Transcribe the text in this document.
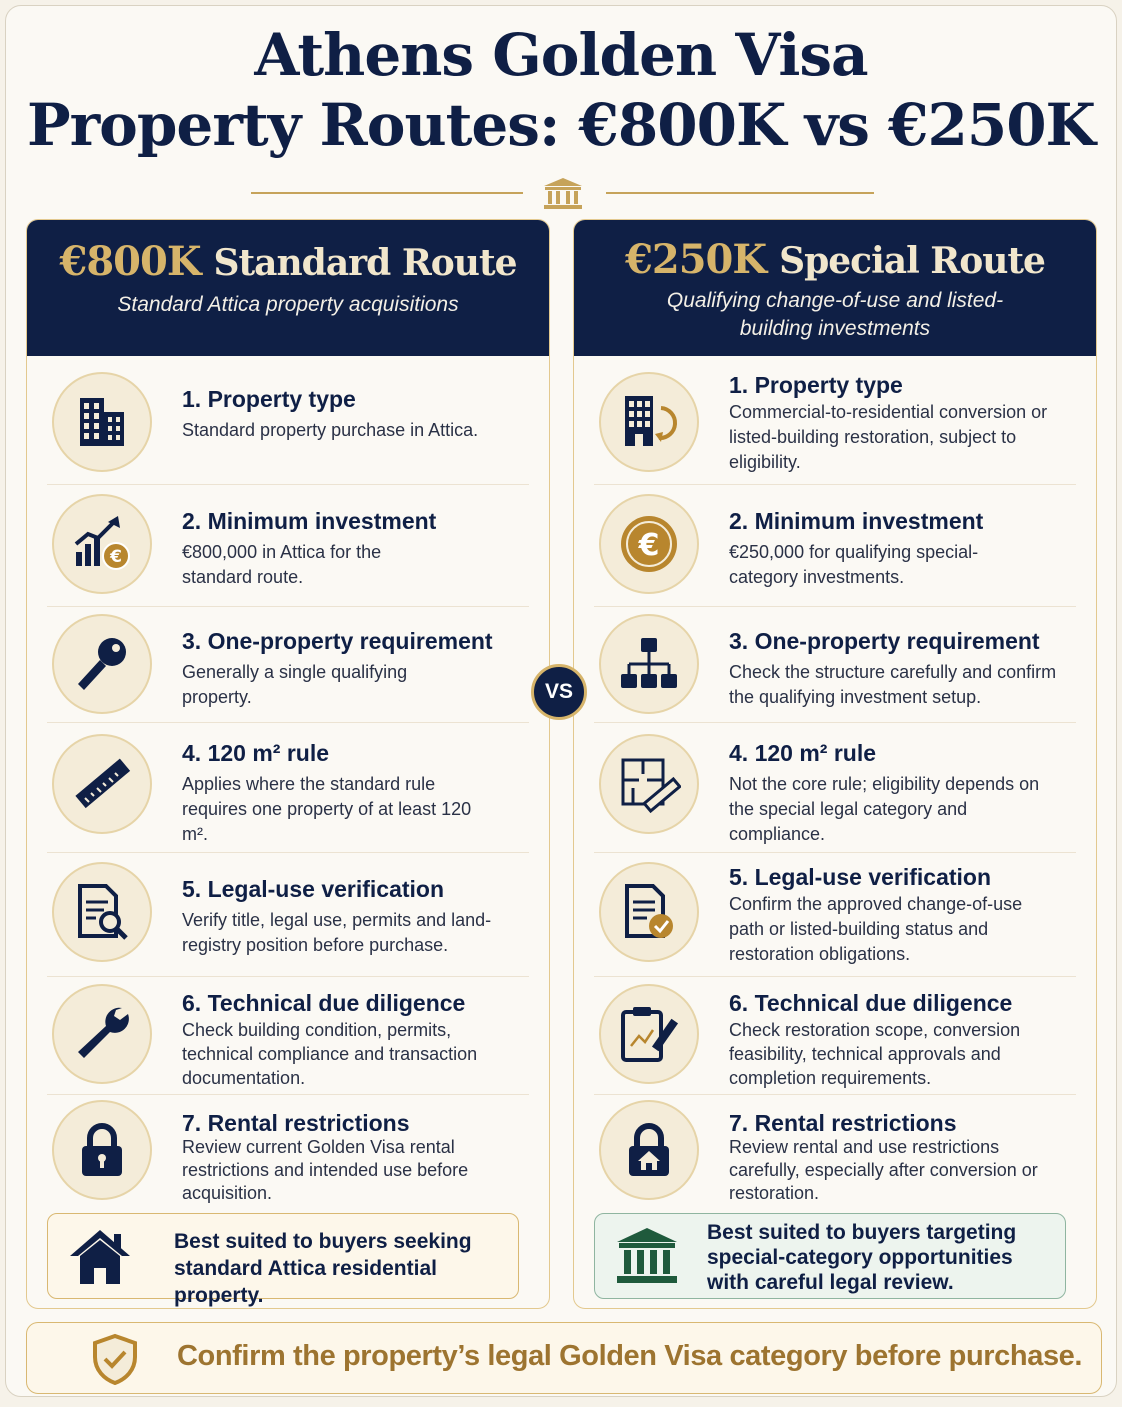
Athens Golden Visa
Property Routes: €800K vs €250K
€800K Standard Route
Standard Attica property acquisitions
1. Property type
Standard property purchase in Attica.
€
2. Minimum investment
€800,000 in Attica for the standard route.
3. One-property requirement
Generally a single qualifying property.
4. 120 m² rule
Applies where the standard rule requires one property of at least 120 m².
5. Legal-use verification
Verify title, legal use, permits and land-registry position before purchase.
6. Technical due diligence
Check building condition, permits, technical compliance and transaction documentation.
7. Rental restrictions
Review current Golden Visa rental restrictions and intended use before acquisition.
Best suited to buyers seeking standard Attica residential property.
€250K Special Route
Qualifying change-of-use and listed-building investments
1. Property type
Commercial-to-residential conversion or listed-building restoration, subject to eligibility.
€
2. Minimum investment
€250,000 for qualifying special-category investments.
3. One-property requirement
Check the structure carefully and confirm the qualifying investment setup.
4. 120 m² rule
Not the core rule; eligibility depends on the special legal category and compliance.
5. Legal-use verification
Confirm the approved change-of-use path or listed-building status and restoration obligations.
6. Technical due diligence
Check restoration scope, conversion feasibility, technical approvals and completion requirements.
7. Rental restrictions
Review rental and use restrictions carefully, especially after conversion or restoration.
Best suited to buyers targeting special-category opportunities with careful legal review.
VS
Confirm the property’s legal Golden Visa category before purchase.
